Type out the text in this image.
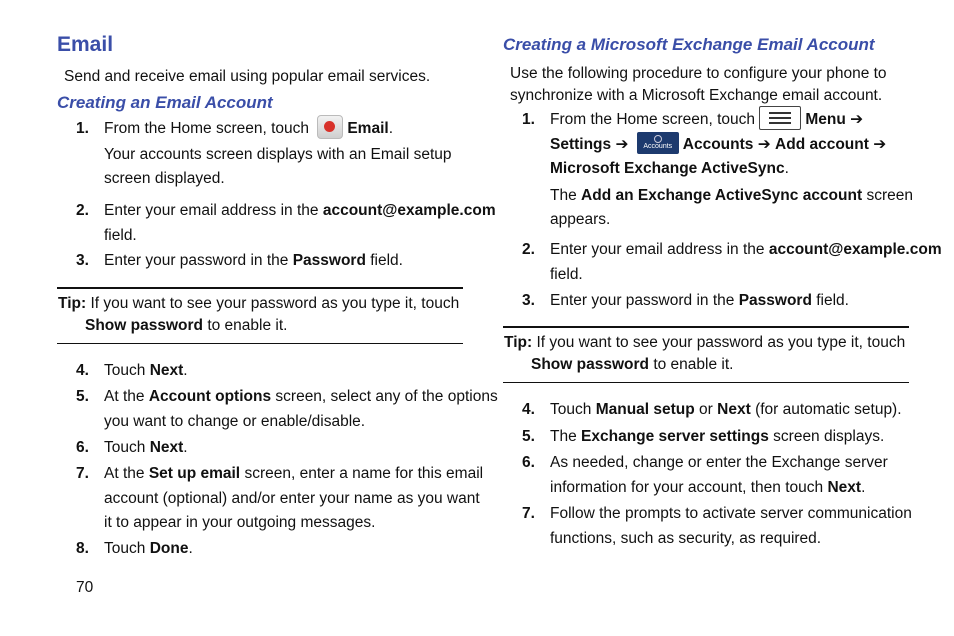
Email

Send and receive email using popular email services.

Creating an Email Account
1. From the Home screen, touch Email.
Your accounts screen displays with an Email setup
screen displayed.
2. Enter your email address in the account@example.com
field.
3. Enter your password in the Password field.
Tip: If you want to see your password as you type it, touch
Show password to enable it.
4. Touch Next.
5. At the Account options screen, select any of the options
you want to change or enable/disable.
6. Touch Next.
7. At the Set up email screen, enter a name for this email
account (optional) and/or enter your name as you want
it to appear in your outgoing messages.
8. Touch Done.
Creating a Microsoft Exchange Email Account

Use the following procedure to configure your phone to
synchronize with a Microsoft Exchange email account.

1. From the Home screen, touch	Menu ➔
Settings ➔ Accounts Accounts ➔ Add account ➔
Microsoft Exchange ActiveSync.
The Add an Exchange ActiveSync account screen
appears.
2. Enter your email address in the account@example.com
field.
3. Enter your password in the Password field.
Tip: If you want to see your password as you type it, touch
Show password to enable it.
4. Touch Manual setup or Next (for automatic setup).
5. The Exchange server settings screen displays.
6. As needed, change or enter the Exchange server
information for your account, then touch Next.
7. Follow the prompts to activate server communication
functions, such as security, as required.
70
